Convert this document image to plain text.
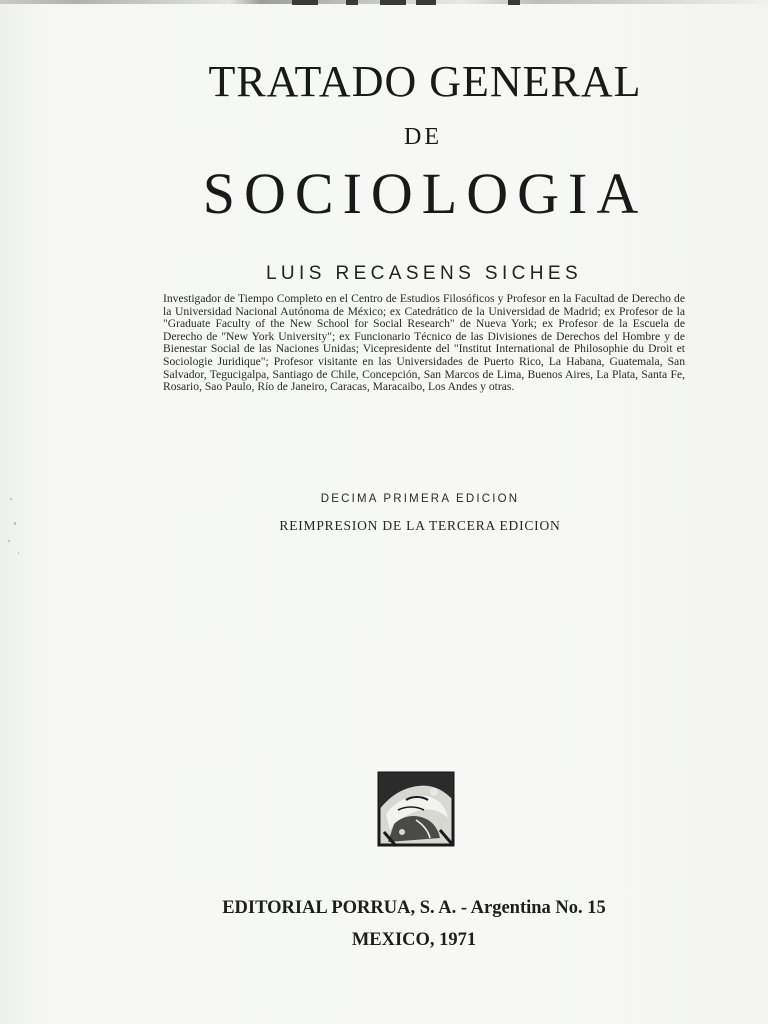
TRATADO GENERAL
DE
SOCIOLOGIA
LUIS RECASENS SICHES
Investigador de Tiempo Completo en el Centro de Estudios Filosóficos y Profesor en la Facultad de Derecho de la Universidad Nacional Autónoma de México; ex Catedrático de la Universidad de Madrid; ex Profesor de la "Graduate Faculty of the New School for Social Research" de Nueva York; ex Profesor de la Escuela de Derecho de "New York University"; ex Funcionario Técnico de las Divisiones de Derechos del Hombre y de Bienestar Social de las Naciones Unidas; Vicepresidente del "Institut International de Philosophie du Droit et Sociologie Juridique"; Profesor visitante en las Universidades de Puerto Rico, La Habana, Guatemala, San Salvador, Tegucigalpa, Santiago de Chile, Concepción, San Marcos de Lima, Buenos Aires, La Plata, Santa Fe, Rosario, Sao Paulo, Río de Janeiro, Caracas, Maracaibo, Los Andes y otras.
DECIMA PRIMERA EDICION
REIMPRESION DE LA TERCERA EDICION
EDITORIAL PORRUA, S. A. - Argentina No. 15
MEXICO, 1971
